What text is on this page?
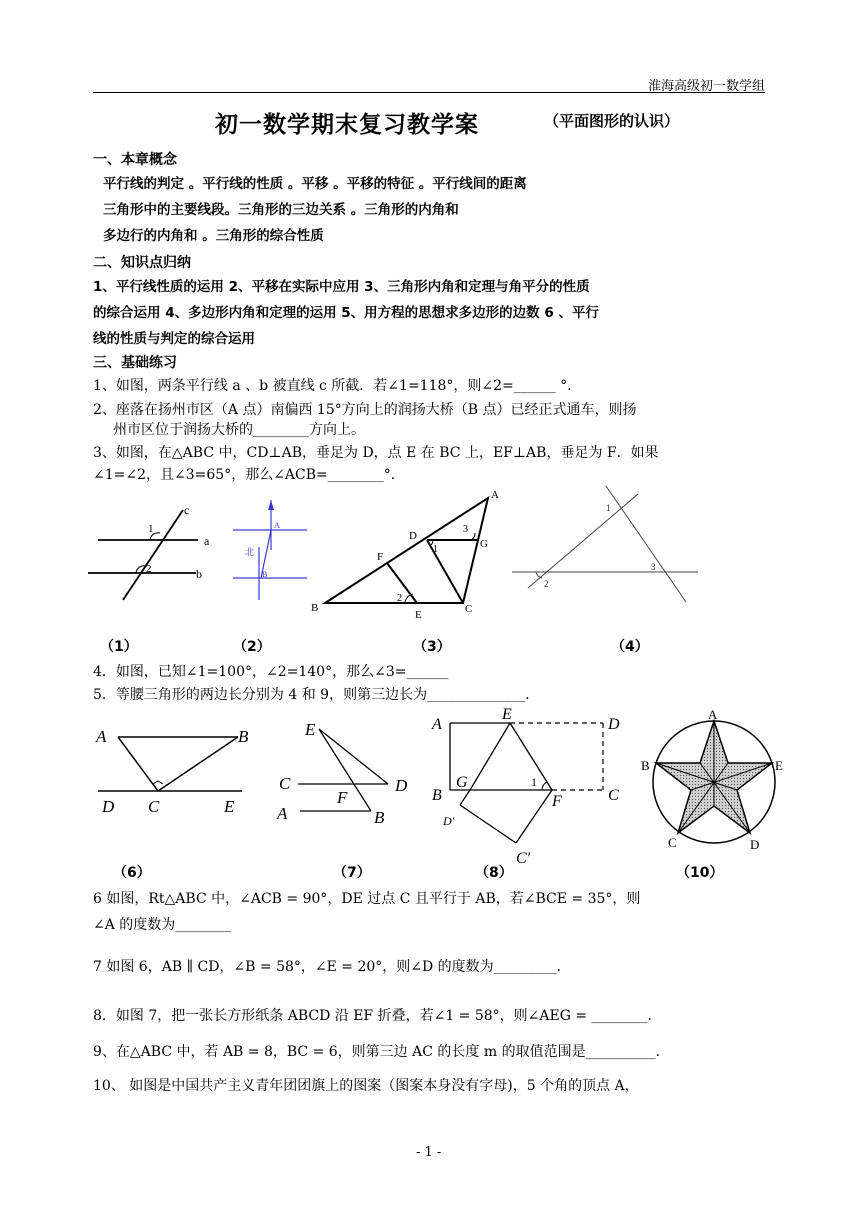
淮海高级初一数学组
初一数学期末复习教学案	（平面图形的认识）
一、本章概念
平行线的判定 。平行线的性质 。平移 。平移的特征 。平行线间的距离
三角形中的主要线段。三角形的三边关系 。三角形的内角和
多边行的内角和 。三角形的综合性质
二、知识点归纳
1、平行线性质的运用 2、平移在实际中应用 3、三角形内角和定理与角平分的性质
的综合运用 4、多边形内角和定理的运用 5、用方程的思想求多边形的边数 6 、平行
线的性质与判定的综合运用
三、基础练习
1、如图，两条平行线 a 、b 被直线 c 所截．若∠1=118°，则∠2=______ °．
2、座落在扬州市区（A 点）南偏西 15°方向上的润扬大桥（B 点）已经正式通车，则扬
州市区位于润扬大桥的________方向上。
3、如图，在△ABC 中，CD⊥AB，垂足为 D，点 E 在 BC 上，EF⊥AB，垂足为 F．如果
∠1=∠2，且∠3=65°，那么∠ACB=________°．
1
2
c
a
b
A
B
北
A
B	C
D
E
F
G
1
2
3
1
2
3
（1）	（2）	（3）	（4）
4．如图，已知∠1=100°，∠2=140°，那么∠3=______
5．等腰三角形的两边长分别为 4 和 9，则第三边长为______________．
A	B
C
D	E
E
C	D
F
A	B
A
E
D
B	C
G
F
1
D′
C′
A
B	E
C	D
（6）	（7）	（8）	（10）
6 如图，Rt△ABC 中，∠ACB = 90°，DE 过点 C 且平行于 AB，若∠BCE = 35°，则
∠A 的度数为________
7 如图 6，AB ∥ CD，∠B = 58°，∠E = 20°，则∠D 的度数为_________.
8．如图 7，把一张长方形纸条 ABCD 沿 EF 折叠，若∠1 = 58°，则∠AEG = ________.
9、在△ABC 中，若 AB = 8，BC = 6，则第三边 AC 的长度 m 的取值范围是__________.
10、 如图是中国共产主义青年团团旗上的图案（图案本身没有字母)，5 个角的顶点 A，
- 1 -
